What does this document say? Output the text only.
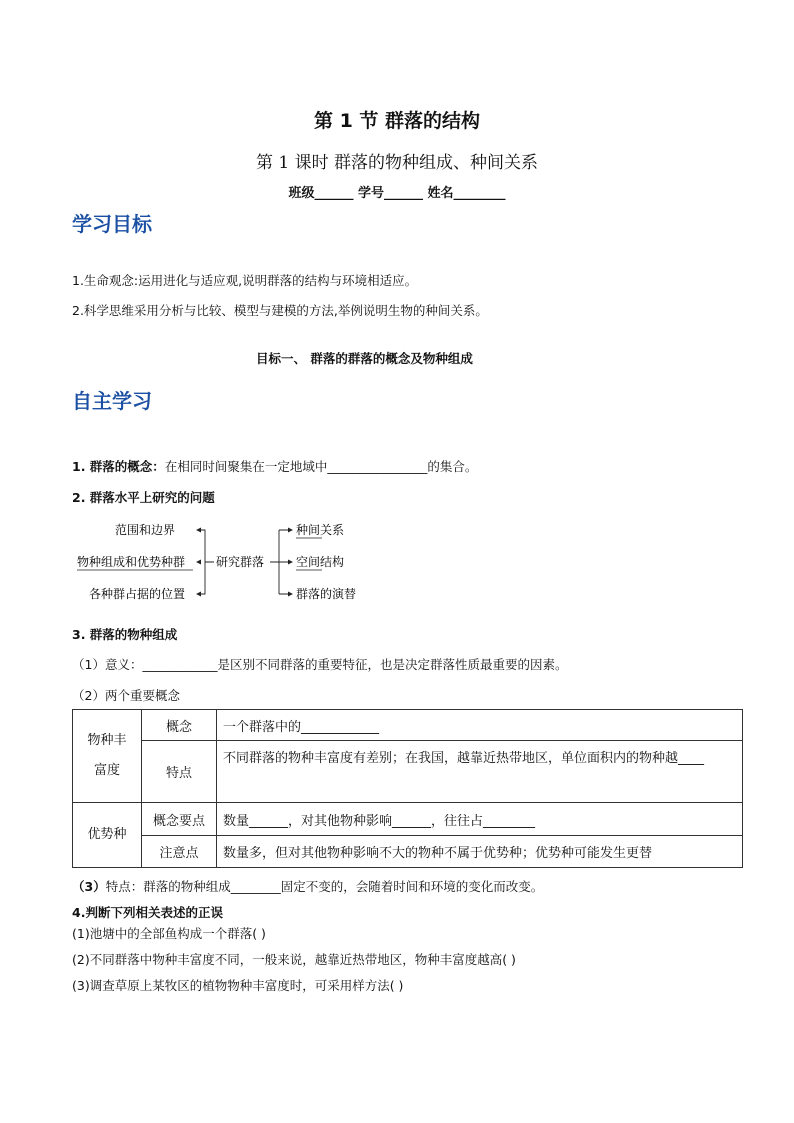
第 1 节 群落的结构
第 1 课时 群落的物种组成、种间关系
班级______ 学号______ 姓名________
学习目标
1.生命观念:运用进化与适应观,说明群落的结构与环境相适应。
2.科学思维采用分析与比较、模型与建模的方法,举例说明生物的种间关系。
目标一、 群落的群落的概念及物种组成
自主学习
1. 群落的概念：在相同时间聚集在一定地域中________________的集合。
2. 群落水平上研究的问题
范围和边界
物种组成和优势种群
各种群占据的位置
研究群落
种间关系
空间结构
群落的演替
3. 群落的物种组成
（1）意义：____________是区别不同群落的重要特征，也是决定群落性质最重要的因素。
（2）两个重要概念
物种丰
富度	概念	一个群落中的____________
	特点	不同群落的物种丰富度有差别；在我国，越靠近热带地区，单位面积内的物种越____
优势种	概念要点	数量______，对其他物种影响______，往往占________
	注意点	数量多，但对其他物种影响不大的物种不属于优势种；优势种可能发生更替
（3）特点：群落的物种组成________固定不变的，会随着时间和环境的变化而改变。
4.判断下列相关表述的正误
(1)池塘中的全部鱼构成一个群落( )
(2)不同群落中物种丰富度不同，一般来说，越靠近热带地区，物种丰富度越高( )
(3)调查草原上某牧区的植物物种丰富度时，可采用样方法( )
